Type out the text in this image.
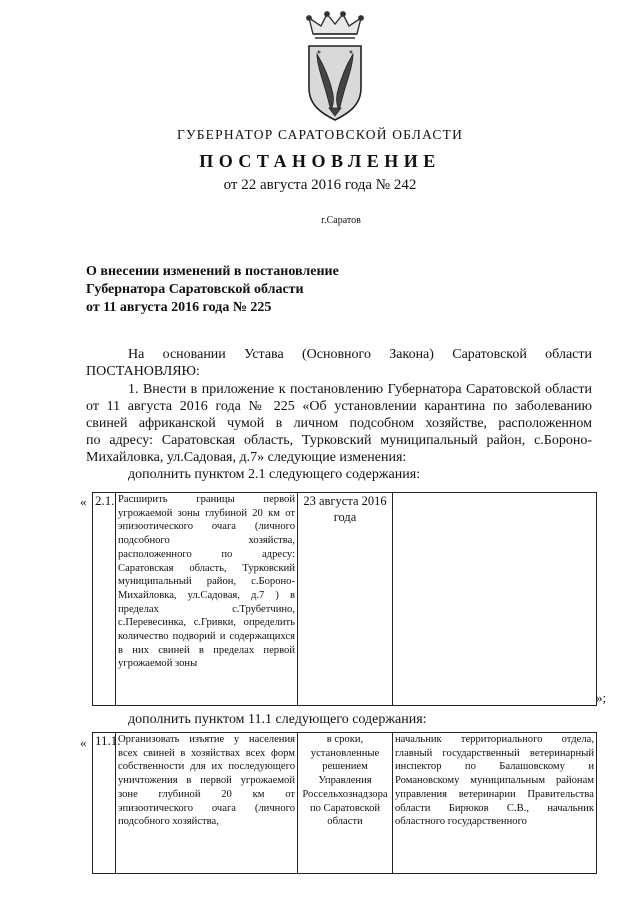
ГУБЕРНАТОР САРАТОВСКОЙ ОБЛАСТИ
ПОСТАНОВЛЕНИЕ
от 22 августа 2016 года № 242
г.Саратов
О внесении изменений в постановление
Губернатора Саратовской области
от 11 августа 2016 года № 225
На основании Устава (Основного Закона) Саратовской области
ПОСТАНОВЛЯЮ:
1. Внести в приложение к постановлению Губернатора Саратовской области
от 11 августа 2016 года № 225 «Об установлении карантина по заболеванию
свиней африканской чумой в личном подсобном хозяйстве, расположенном
по адресу: Саратовская область, Турковский муниципальный район, с.Бороно-
Михайловка, ул.Садовая, д.7» следующие изменения:
дополнить пунктом 2.1 следующего содержания:
« 2.1.	Расширить границы первой угрожаемой зоны глубиной 20 км от эпизоотического очага (личного подсобного хозяйства, расположенного по адресу: Саратовская область, Турковский муниципальный район, с.Бороно-Михайловка, ул.Садовая, д.7 ) в пределах с.Трубетчино, с.Перевесинка, с.Гривки, определить количество подворий и содержащихся в них свиней в пределах первой угрожаемой зоны	23 августа 2016 года	
»;
дополнить пунктом 11.1 следующего содержания:
« 11.1.	Организовать изъятие у населения всех свиней в хозяйствах всех форм собственности для их последующего уничтожения в первой угрожаемой зоне глубиной 20 км от эпизоотического очага (личного подсобного хозяйства,	в сроки, установленные решением Управления Россельхознадзора по Саратовской области	начальник территориального отдела, главный государственный ветеринарный инспектор по Балашовскому и Романовскому муниципальным районам управления ветеринарии Правительства области Бирюков С.В., начальник областного государственного
